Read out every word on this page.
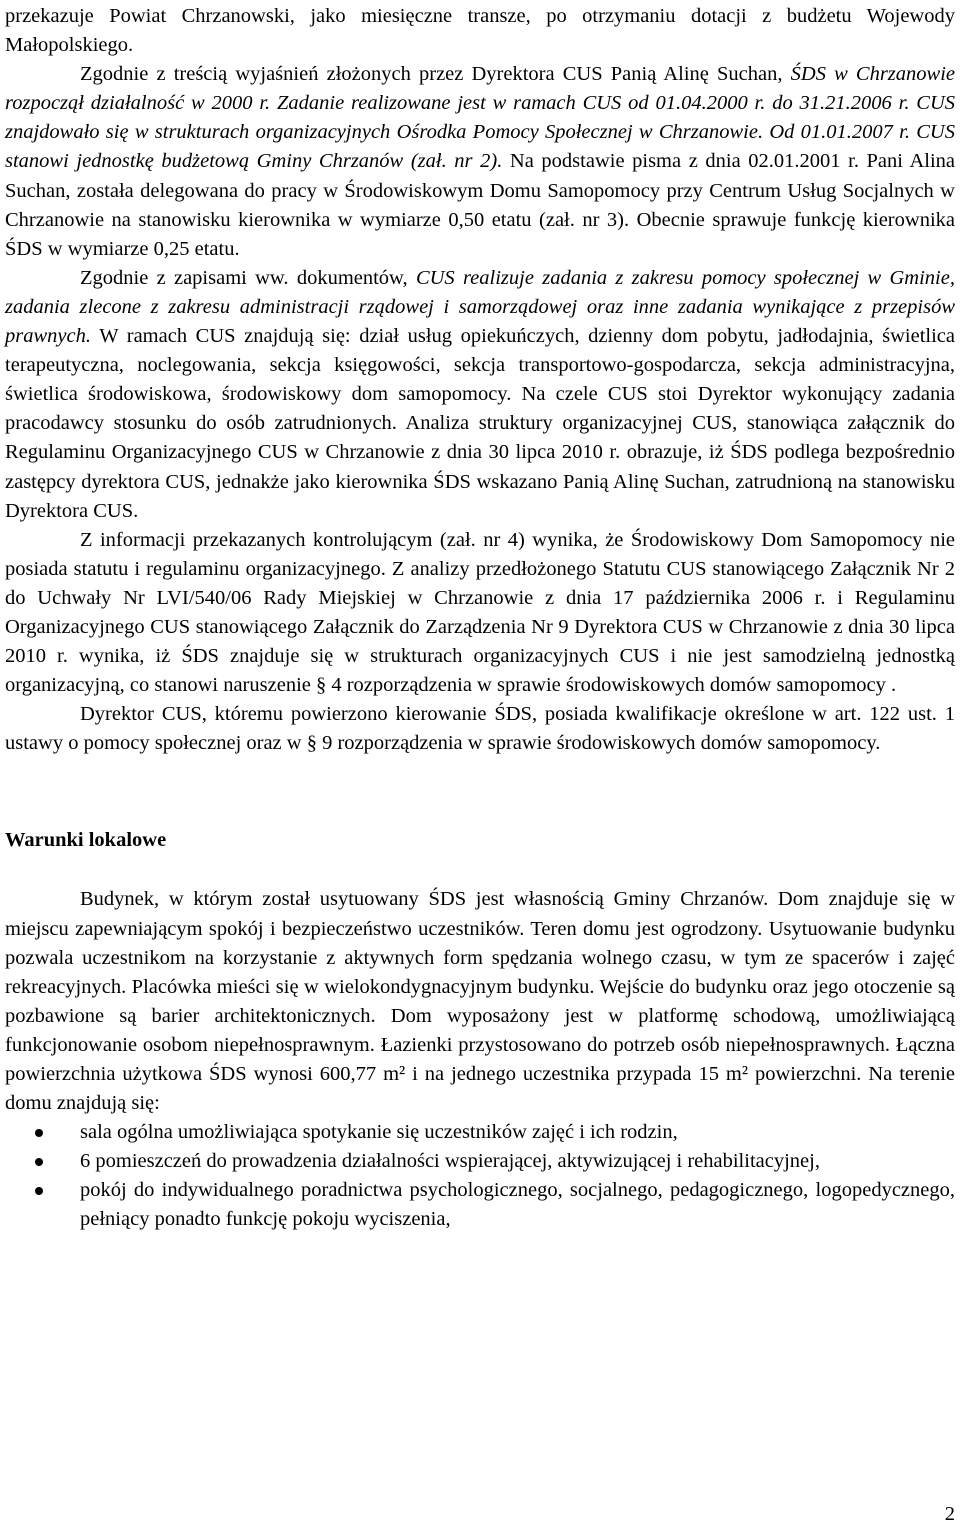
przekazuje Powiat Chrzanowski, jako miesięczne transze, po otrzymaniu dotacji z budżetu Wojewody Małopolskiego.

Zgodnie z treścią wyjaśnień złożonych przez Dyrektora CUS Panią Alinę Suchan, ŚDS w Chrzanowie rozpoczął działalność w 2000 r. Zadanie realizowane jest w ramach CUS od 01.04.2000 r. do 31.21.2006 r. CUS znajdowało się w strukturach organizacyjnych Ośrodka Pomocy Społecznej w Chrzanowie. Od 01.01.2007 r. CUS stanowi jednostkę budżetową Gminy Chrzanów (zał. nr 2). Na podstawie pisma z dnia 02.01.2001 r. Pani Alina Suchan, została delegowana do pracy w Środowiskowym Domu Samopomocy przy Centrum Usług Socjalnych w Chrzanowie na stanowisku kierownika w wymiarze 0,50 etatu (zał. nr 3). Obecnie sprawuje funkcję kierownika ŚDS w wymiarze 0,25 etatu.

Zgodnie z zapisami ww. dokumentów, CUS realizuje zadania z zakresu pomocy społecznej w Gminie, zadania zlecone z zakresu administracji rządowej i samorządowej oraz inne zadania wynikające z przepisów prawnych. W ramach CUS znajdują się: dział usług opiekuńczych, dzienny dom pobytu, jadłodajnia, świetlica terapeutyczna, noclegowania, sekcja księgowości, sekcja transportowo-gospodarcza, sekcja administracyjna, świetlica środowiskowa, środowiskowy dom samopomocy. Na czele CUS stoi Dyrektor wykonujący zadania pracodawcy stosunku do osób zatrudnionych. Analiza struktury organizacyjnej CUS, stanowiąca załącznik do Regulaminu Organizacyjnego CUS w Chrzanowie z dnia 30 lipca 2010 r. obrazuje, iż ŚDS podlega bezpośrednio zastępcy dyrektora CUS, jednakże jako kierownika ŚDS wskazano Panią Alinę Suchan, zatrudnioną na stanowisku Dyrektora CUS.

Z informacji przekazanych kontrolującym (zał. nr 4) wynika, że Środowiskowy Dom Samopomocy nie posiada statutu i regulaminu organizacyjnego. Z analizy przedłożonego Statutu CUS stanowiącego Załącznik Nr 2 do Uchwały Nr LVI/540/06 Rady Miejskiej w Chrzanowie z dnia 17 października 2006 r. i Regulaminu Organizacyjnego CUS stanowiącego Załącznik do Zarządzenia Nr 9 Dyrektora CUS w Chrzanowie z dnia 30 lipca 2010 r. wynika, iż ŚDS znajduje się w strukturach organizacyjnych CUS i nie jest samodzielną jednostką organizacyjną, co stanowi naruszenie § 4 rozporządzenia w sprawie środowiskowych domów samopomocy .

Dyrektor CUS, któremu powierzono kierowanie ŚDS, posiada kwalifikacje określone w art. 122 ust. 1 ustawy o pomocy społecznej oraz w § 9 rozporządzenia w sprawie środowiskowych domów samopomocy.

Warunki lokalowe

Budynek, w którym został usytuowany ŚDS jest własnością Gminy Chrzanów. Dom znajduje się w miejscu zapewniającym spokój i bezpieczeństwo uczestników. Teren domu jest ogrodzony. Usytuowanie budynku pozwala uczestnikom na korzystanie z aktywnych form spędzania wolnego czasu, w tym ze spacerów i zajęć rekreacyjnych. Placówka mieści się w wielokondygnacyjnym budynku. Wejście do budynku oraz jego otoczenie są pozbawione są barier architektonicznych. Dom wyposażony jest w platformę schodową, umożliwiającą funkcjonowanie osobom niepełnosprawnym. Łazienki przystosowano do potrzeb osób niepełnosprawnych. Łączna powierzchnia użytkowa ŚDS wynosi 600,77 m² i na jednego uczestnika przypada 15 m² powierzchni. Na terenie domu znajdują się:

sala ogólna umożliwiająca spotykanie się uczestników zajęć i ich rodzin,
6 pomieszczeń do prowadzenia działalności wspierającej, aktywizującej i rehabilitacyjnej,
pokój do indywidualnego poradnictwa psychologicznego, socjalnego, pedagogicznego, logopedycznego, pełniący ponadto funkcję pokoju wyciszenia,
2
